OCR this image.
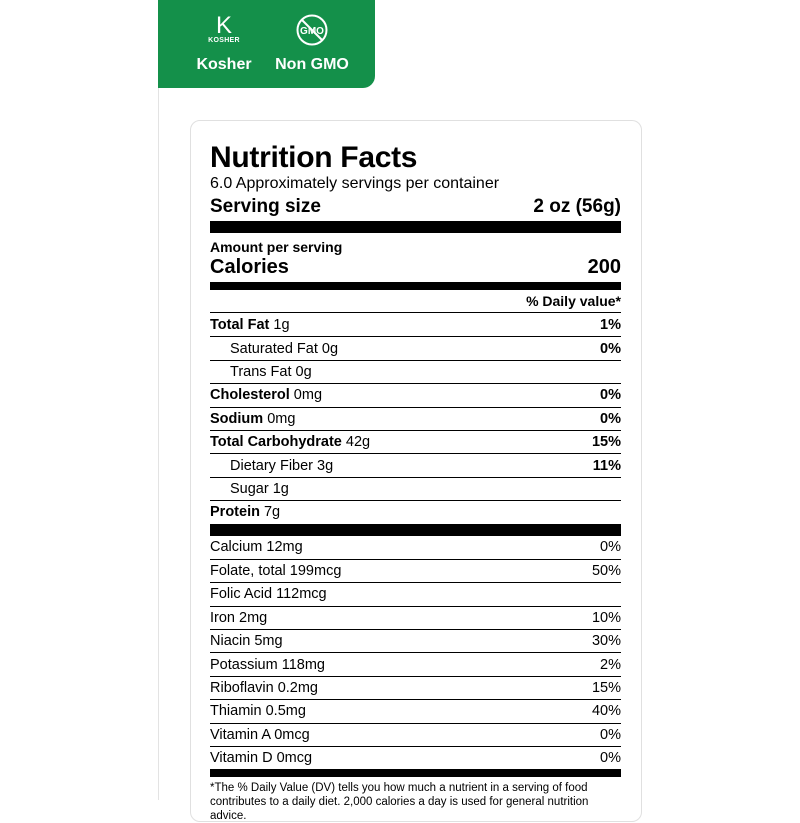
K
KOSHER
Kosher
GMO
Non GMO
Nutrition Facts
6.0 Approximately servings per container
Serving size	2 oz (56g)
Amount per serving
Calories	200
% Daily value*
Total Fat 1g	1%
Saturated Fat 0g	0%
Trans Fat 0g
Cholesterol 0mg	0%
Sodium 0mg	0%
Total Carbohydrate 42g	15%
Dietary Fiber 3g	11%
Sugar 1g
Protein 7g
Calcium 12mg	0%
Folate, total 199mcg	50%
Folic Acid 112mcg
Iron 2mg	10%
Niacin 5mg	30%
Potassium 118mg	2%
Riboflavin 0.2mg	15%
Thiamin 0.5mg	40%
Vitamin A 0mcg	0%
Vitamin D 0mcg	0%
*The % Daily Value (DV) tells you how much a nutrient in a serving of food contributes to a daily diet. 2,000 calories a day is used for general nutrition advice.
